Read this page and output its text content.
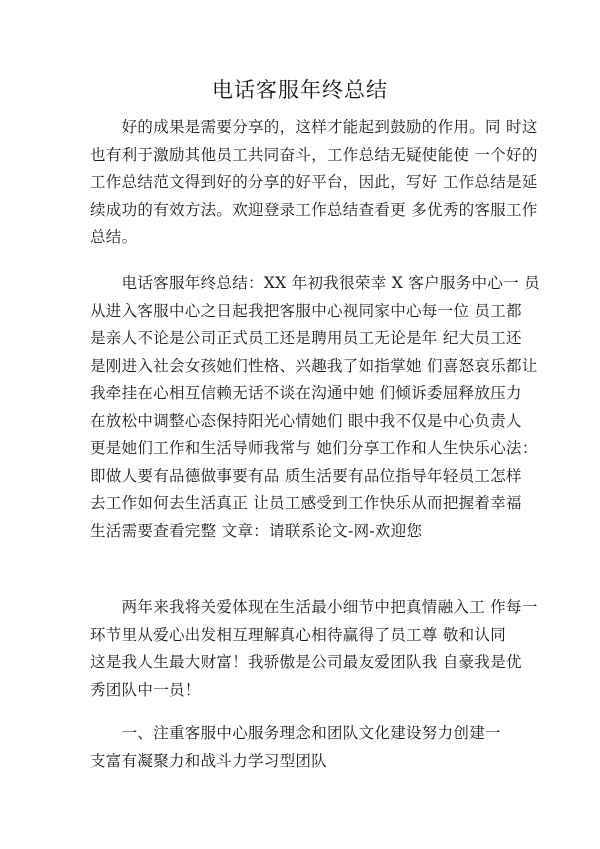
电话客服年终总结
　　好的成果是需要分享的，这样才能起到鼓励的作用。同 时这
也有利于激励其他员工共同奋斗，工作总结无疑使能使 一个好的
工作总结范文得到好的分享的好平台，因此，写好 工作总结是延
续成功的有效方法。欢迎登录工作总结查看更 多优秀的客服工作
总结。
　　电话客服年终总结：XX 年初我很荣幸 X 客户服务中心一 员
从进入客服中心之日起我把客服中心视同家中心每一位 员工都
是亲人不论是公司正式员工还是聘用员工无论是年 纪大员工还
是刚进入社会女孩她们性格、兴趣我了如指掌她 们喜怒哀乐都让
我牵挂在心相互信赖无话不谈在沟通中她 们倾诉委屈释放压力
在放松中调整心态保持阳光心情她们 眼中我不仅是中心负责人
更是她们工作和生活导师我常与 她们分享工作和人生快乐心法：
即做人要有品德做事要有品 质生活要有品位指导年轻员工怎样
去工作如何去生活真正 让员工感受到工作快乐从而把握着幸福
生活需要查看完整 文章：请联系论文-网-欢迎您
　　两年来我将关爱体现在生活最小细节中把真情融入工 作每一
环节里从爱心出发相互理解真心相待赢得了员工尊 敬和认同
这是我人生最大财富！我骄傲是公司最友爱团队我 自豪我是优
秀团队中一员！
　　一、注重客服中心服务理念和团队文化建设努力创建一
支富有凝聚力和战斗力学习型团队
